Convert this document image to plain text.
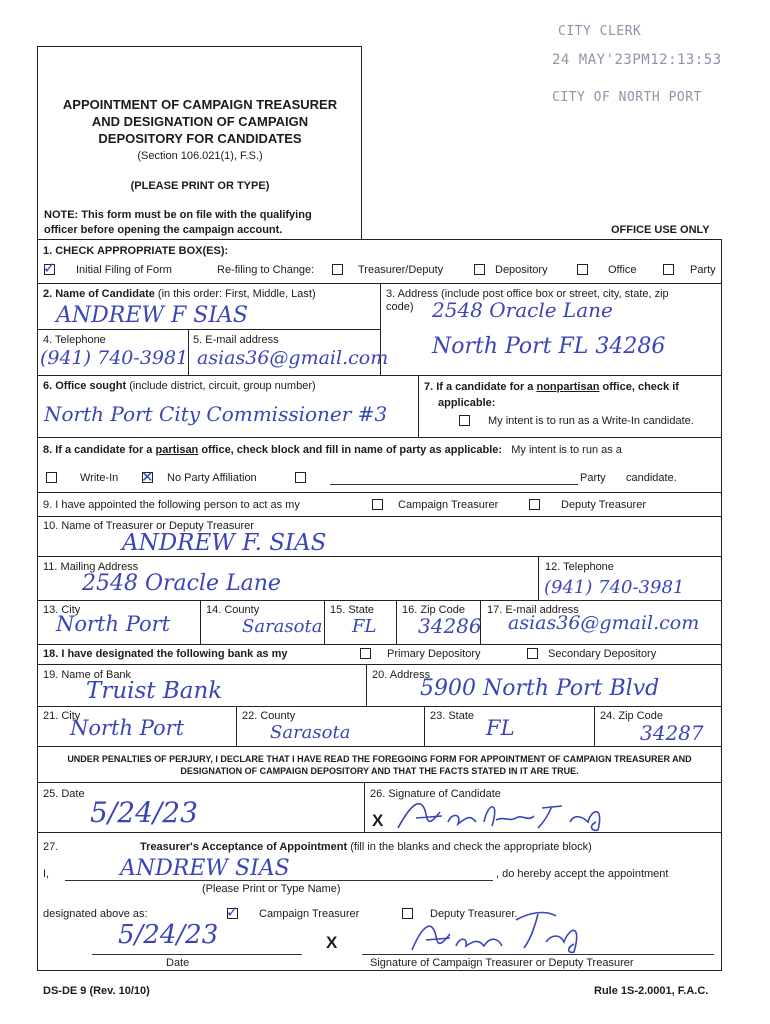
CITY CLERK
24 MAY'23PM12:13:53
CITY OF NORTH PORT
APPOINTMENT OF CAMPAIGN TREASURER
AND DESIGNATION OF CAMPAIGN
DEPOSITORY FOR CANDIDATES
(Section 106.021(1), F.S.)
(PLEASE PRINT OR TYPE)
NOTE: This form must be on file with the qualifying
officer before opening the campaign account.	OFFICE USE ONLY
1. CHECK APPROPRIATE BOX(ES):
✓ Initial Filing of Form	Re-filing to Change:	Treasurer/Deputy	Depository	Office	Party
2. Name of Candidate (in this order: First, Middle, Last)	3. Address (include post office box or street, city, state, zip
code)
ANDREW F SIAS	2548 Oracle Lane
North Port FL 34286
4. Telephone	5. E-mail address
(941) 740-3981 asias36@gmail.com
6. Office sought (include district, circuit, group number)
North Port City Commissioner #3
7. If a candidate for a nonpartisan office, check if
applicable:
My intent is to run as a Write-In candidate.
8. If a candidate for a partisan office, check block and fill in name of party as applicable: My intent is to run as a
Write-In ✕ No Party Affiliation	Party candidate.
9. I have appointed the following person to act as my	Campaign Treasurer	Deputy Treasurer
10. Name of Treasurer or Deputy Treasurer
ANDREW F. SIAS
11. Mailing Address	12. Telephone
2548 Oracle Lane	(941) 740-3981
13. City	14. County	15. State	16. Zip Code 17. E-mail address
North Port	Sarasota FL 34286 asias36@gmail.com
18. I have designated the following bank as my	Primary Depository	Secondary Depository
19. Name of Bank	20. Address
Truist Bank	5900 North Port Blvd
21. City	22. County	23. State	24. Zip Code
North Port	Sarasota	FL	34287
UNDER PENALTIES OF PERJURY, I DECLARE THAT I HAVE READ THE FOREGOING FORM FOR APPOINTMENT OF CAMPAIGN TREASURER AND
DESIGNATION OF CAMPAIGN DEPOSITORY AND THAT THE FACTS STATED IN IT ARE TRUE.
25. Date	26. Signature of Candidate
5/24/23	X
27.	Treasurer's Acceptance of Appointment (fill in the blanks and check the appropriate block)
I,	ANDREW SIAS	, do hereby accept the appointment
(Please Print or Type Name)
designated above as:	✓ Campaign Treasurer	Deputy Treasurer.
5/24/23
Date
X
Signature of Campaign Treasurer or Deputy Treasurer
DS-DE 9 (Rev. 10/10)	Rule 1S-2.0001, F.A.C.
